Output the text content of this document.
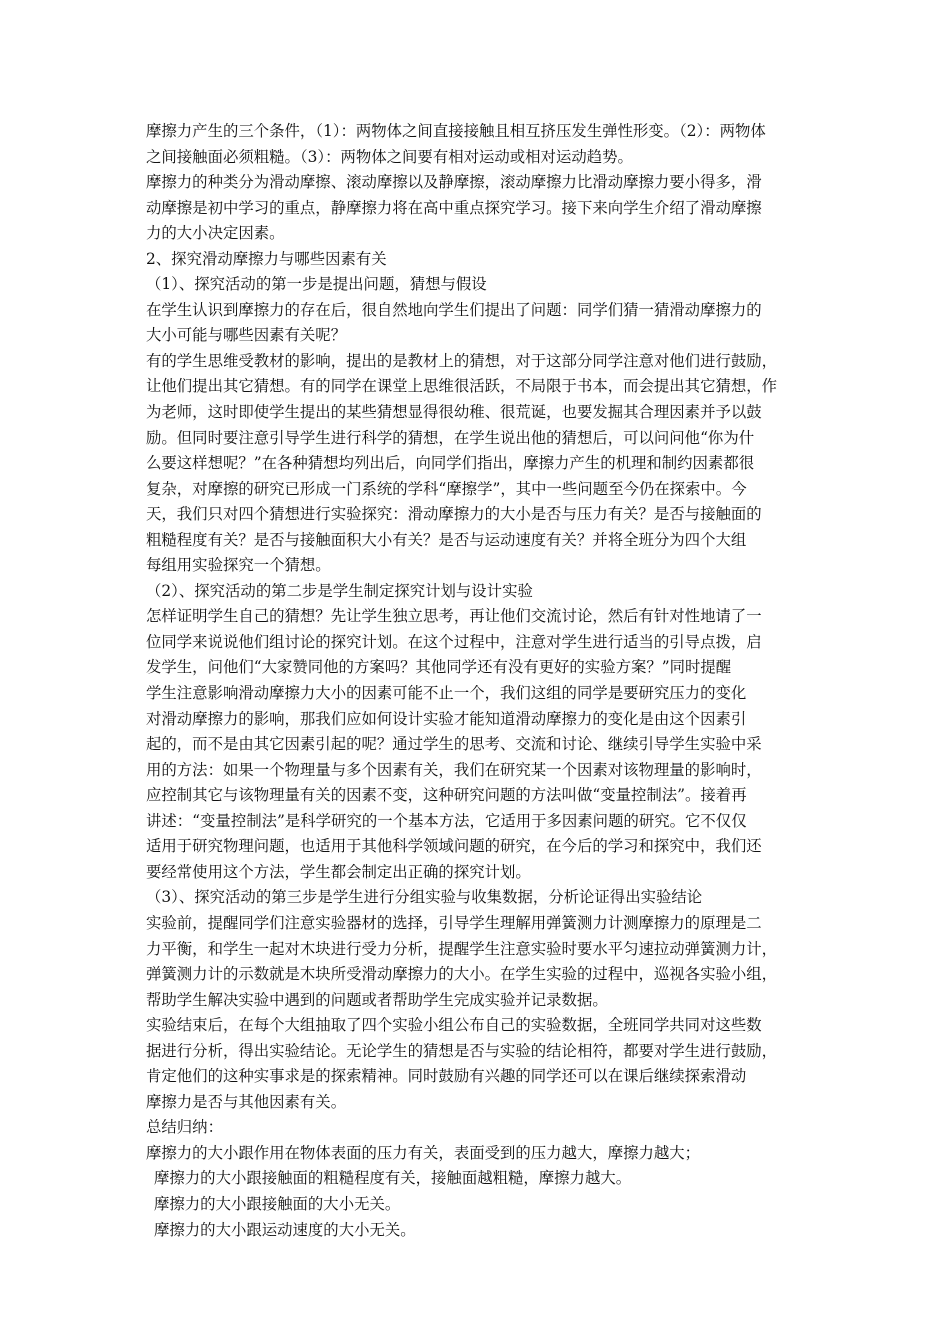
摩擦力产生的三个条件，（1）：两物体之间直接接触且相互挤压发生弹性形变。（2）：两物体
之间接触面必须粗糙。（3）：两物体之间要有相对运动或相对运动趋势。
摩擦力的种类分为滑动摩擦、滚动摩擦以及静摩擦，滚动摩擦力比滑动摩擦力要小得多，滑
动摩擦是初中学习的重点，静摩擦力将在高中重点探究学习。接下来向学生介绍了滑动摩擦
力的大小决定因素。
2、探究滑动摩擦力与哪些因素有关
（1）、探究活动的第一步是提出问题，猜想与假设
在学生认识到摩擦力的存在后，很自然地向学生们提出了问题：同学们猜一猜滑动摩擦力的
大小可能与哪些因素有关呢？
有的学生思维受教材的影响，提出的是教材上的猜想，对于这部分同学注意对他们进行鼓励，
让他们提出其它猜想。有的同学在课堂上思维很活跃，不局限于书本，而会提出其它猜想，作
为老师，这时即使学生提出的某些猜想显得很幼稚、很荒诞，也要发掘其合理因素并予以鼓
励。但同时要注意引导学生进行科学的猜想，在学生说出他的猜想后，可以问问他“你为什
么要这样想呢？”在各种猜想均列出后，向同学们指出，摩擦力产生的机理和制约因素都很
复杂，对摩擦的研究已形成一门系统的学科“摩擦学”，其中一些问题至今仍在探索中。今
天，我们只对四个猜想进行实验探究：滑动摩擦力的大小是否与压力有关？是否与接触面的
粗糙程度有关？是否与接触面积大小有关？是否与运动速度有关？并将全班分为四个大组
每组用实验探究一个猜想。
（2）、探究活动的第二步是学生制定探究计划与设计实验
怎样证明学生自己的猜想？先让学生独立思考，再让他们交流讨论，然后有针对性地请了一
位同学来说说他们组讨论的探究计划。在这个过程中，注意对学生进行适当的引导点拨，启
发学生，问他们“大家赞同他的方案吗？其他同学还有没有更好的实验方案？”同时提醒
学生注意影响滑动摩擦力大小的因素可能不止一个，我们这组的同学是要研究压力的变化
对滑动摩擦力的影响，那我们应如何设计实验才能知道滑动摩擦力的变化是由这个因素引
起的，而不是由其它因素引起的呢？通过学生的思考、交流和讨论、继续引导学生实验中采
用的方法：如果一个物理量与多个因素有关，我们在研究某一个因素对该物理量的影响时，
应控制其它与该物理量有关的因素不变，这种研究问题的方法叫做“变量控制法”。接着再
讲述：“变量控制法”是科学研究的一个基本方法，它适用于多因素问题的研究。它不仅仅
适用于研究物理问题，也适用于其他科学领域问题的研究，在今后的学习和探究中，我们还
要经常使用这个方法，学生都会制定出正确的探究计划。
（3）、探究活动的第三步是学生进行分组实验与收集数据，分析论证得出实验结论
实验前，提醒同学们注意实验器材的选择，引导学生理解用弹簧测力计测摩擦力的原理是二
力平衡，和学生一起对木块进行受力分析，提醒学生注意实验时要水平匀速拉动弹簧测力计，
弹簧测力计的示数就是木块所受滑动摩擦力的大小。在学生实验的过程中，巡视各实验小组，
帮助学生解决实验中遇到的问题或者帮助学生完成实验并记录数据。
实验结束后，在每个大组抽取了四个实验小组公布自己的实验数据，全班同学共同对这些数
据进行分析，得出实验结论。无论学生的猜想是否与实验的结论相符，都要对学生进行鼓励，
肯定他们的这种实事求是的探索精神。同时鼓励有兴趣的同学还可以在课后继续探索滑动
摩擦力是否与其他因素有关。
总结归纳：
摩擦力的大小跟作用在物体表面的压力有关，表面受到的压力越大，摩擦力越大；
摩擦力的大小跟接触面的粗糙程度有关，接触面越粗糙，摩擦力越大。
摩擦力的大小跟接触面的大小无关。
摩擦力的大小跟运动速度的大小无关。
